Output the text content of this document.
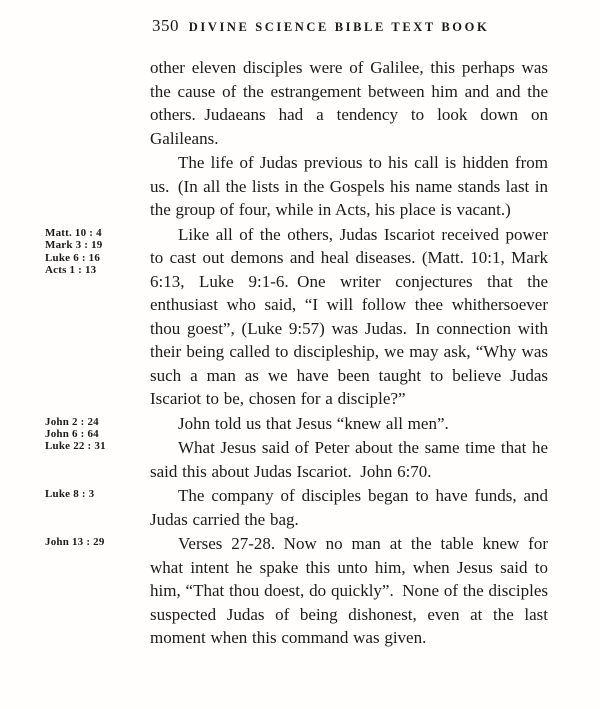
350 DIVINE SCIENCE BIBLE TEXT BOOK
other eleven disciples were of Galilee, this perhaps was the cause of the estrangement between him and and the others. Judaeans had a tendency to look down on Galileans.
The life of Judas previous to his call is hidden from us. (In all the lists in the Gospels his name stands last in the group of four, while in Acts, his place is vacant.)
Matt. 10 : 4
Mark 3 : 19
Luke 6 : 16
Acts 1 : 13
Like all of the others, Judas Iscariot received power to cast out demons and heal diseases. (Matt. 10:1, Mark 6:13, Luke 9:1-6. One writer conjectures that the enthusiast who said, “I will follow thee whithersoever thou goest”, (Luke 9:57) was Judas. In connection with their being called to discipleship, we may ask, “Why was such a man as we have been taught to believe Judas Iscariot to be, chosen for a disciple?”
John 2 : 24
John 6 : 64
John told us that Jesus “knew all men”.
Luke 22 : 31	What Jesus said of Peter about the same time that he said this about Judas Iscariot. John 6:70.
Luke 8 : 3	The company of disciples began to have funds, and Judas carried the bag.
John 13 : 29	Verses 27-28. Now no man at the table knew for what intent he spake this unto him, when Jesus said to him, “That thou doest, do quickly”. None of the disciples suspected Judas of being dishonest, even at the last moment when this command was given.
